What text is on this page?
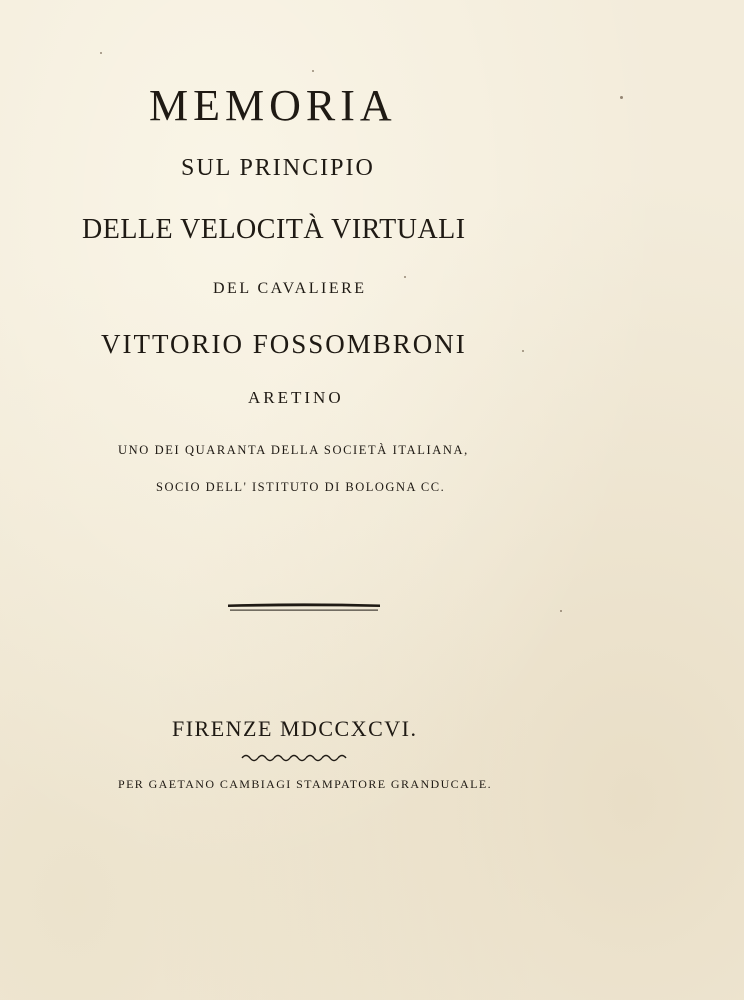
MEMORIA
SUL PRINCIPIO
DELLE VELOCITÀ VIRTUALI
DEL CAVALIERE
VITTORIO FOSSOMBRONI
ARETINO
UNO DEI QUARANTA DELLA SOCIETÀ ITALIANA,
SOCIO DELL' ISTITUTO DI BOLOGNA CC.
FIRENZE MDCCXCVI.
PER GAETANO CAMBIAGI STAMPATORE GRANDUCALE.
